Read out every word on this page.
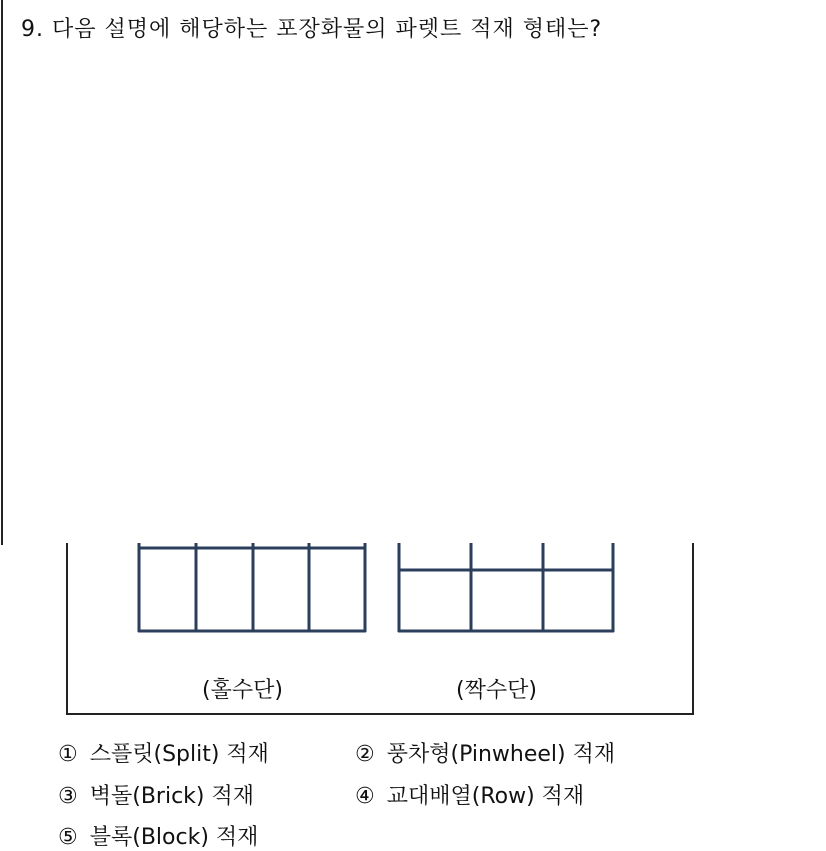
9. 다음 설명에 해당하는 포장화물의 파렛트 적재 형태는?
(홀수단)	(짝수단)
① 스플릿(Split) 적재	② 풍차형(Pinwheel) 적재
③ 벽돌(Brick) 적재	④ 교대배열(Row) 적재
⑤ 블록(Block) 적재
